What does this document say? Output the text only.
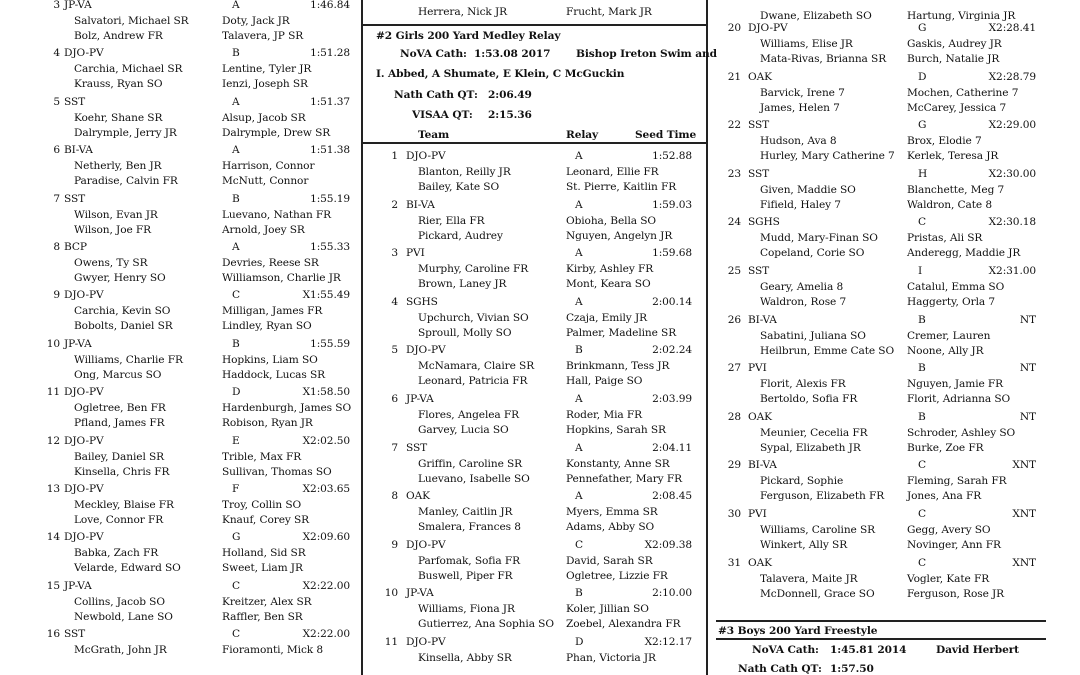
3 JP-VA	A	1:46.84
Salvatori, Michael SR	Doty, Jack JR
Bolz, Andrew FR	Talavera, JP SR
4 DJO-PV	B	1:51.28
Carchia, Michael SR	Lentine, Tyler JR
Krauss, Ryan SO	Ienzi, Joseph SR
5 SST	A	1:51.37
Koehr, Shane SR	Alsup, Jacob SR
Dalrymple, Jerry JR	Dalrymple, Drew SR
6 BI-VA	A	1:51.38
Netherly, Ben JR	Harrison, Connor
Paradise, Calvin FR	McNutt, Connor
7 SST	B	1:55.19
Wilson, Evan JR	Luevano, Nathan FR
Wilson, Joe FR	Arnold, Joey SR
8 BCP	A	1:55.33
Owens, Ty SR	Devries, Reese SR
Gwyer, Henry SO	Williamson, Charlie JR
9 DJO-PV	C	X1:55.49
Carchia, Kevin SO	Milligan, James FR
Bobolts, Daniel SR	Lindley, Ryan SO
10 JP-VA	B	1:55.59
Williams, Charlie FR	Hopkins, Liam SO
Ong, Marcus SO	Haddock, Lucas SR
11 DJO-PV	D	X1:58.50
Ogletree, Ben FR	Hardenburgh, James SO
Pfland, James FR	Robison, Ryan JR
12 DJO-PV	E	X2:02.50
Bailey, Daniel SR	Trible, Max FR
Kinsella, Chris FR	Sullivan, Thomas SO
13 DJO-PV	F	X2:03.65
Meckley, Blaise FR	Troy, Collin SO
Love, Connor FR	Knauf, Corey SR
14 DJO-PV	G	X2:09.60
Babka, Zach FR	Holland, Sid SR
Velarde, Edward SO	Sweet, Liam JR
15 JP-VA	C	X2:22.00
Collins, Jacob SO	Kreitzer, Alex SR
Newbold, Lane SO	Raffler, Ben SR
16 SST	C	X2:22.00
McGrath, John JR	Fioramonti, Mick 8
1 DJO-PV	A	1:52.88
Blanton, Reilly JR	Leonard, Ellie FR
Bailey, Kate SO	St. Pierre, Kaitlin FR
2 BI-VA	A	1:59.03
Rier, Ella FR	Obioha, Bella SO
Pickard, Audrey	Nguyen, Angelyn JR
3 PVI	A	1:59.68
Murphy, Caroline FR	Kirby, Ashley FR
Brown, Laney JR	Mont, Keara SO
4 SGHS	A	2:00.14
Upchurch, Vivian SO	Czaja, Emily JR
Sproull, Molly SO	Palmer, Madeline SR
5 DJO-PV	B	2:02.24
McNamara, Claire SR	Brinkmann, Tess JR
Leonard, Patricia FR	Hall, Paige SO
6 JP-VA	A	2:03.99
Flores, Angelea FR	Roder, Mia FR
Garvey, Lucia SO	Hopkins, Sarah SR
7 SST	A	2:04.11
Griffin, Caroline SR	Konstanty, Anne SR
Luevano, Isabelle SO	Pennefather, Mary FR
8 OAK	A	2:08.45
Manley, Caitlin JR	Myers, Emma SR
Smalera, Frances 8	Adams, Abby SO
9 DJO-PV	C	X2:09.38
Parfomak, Sofia FR	David, Sarah SR
Buswell, Piper FR	Ogletree, Lizzie FR
10 JP-VA	B	2:10.00
Williams, Fiona JR	Koler, Jillian SO
Gutierrez, Ana Sophia SO Zoebel, Alexandra FR
11 DJO-PV	D	X2:12.17
Kinsella, Abby SR	Phan, Victoria JR
20 DJO-PV	G	X2:28.41
Williams, Elise JR	Gaskis, Audrey JR
Mata-Rivas, Brianna SR Burch, Natalie JR
21 OAK	D	X2:28.79
Barvick, Irene 7	Mochen, Catherine 7
James, Helen 7	McCarey, Jessica 7
22 SST	G	X2:29.00
Hudson, Ava 8	Brox, Elodie 7
Hurley, Mary Catherine 7 Kerlek, Teresa JR
23 SST	H	X2:30.00
Given, Maddie SO	Blanchette, Meg 7
Fifield, Haley 7	Waldron, Cate 8
24 SGHS	C	X2:30.18
Mudd, Mary-Finan SO	Pristas, Ali SR
Copeland, Corie SO	Anderegg, Maddie JR
25 SST	I	X2:31.00
Geary, Amelia 8	Catalul, Emma SO
Waldron, Rose 7	Haggerty, Orla 7
26 BI-VA	B	NT
Sabatini, Juliana SO	Cremer, Lauren
Heilbrun, Emme Cate SO Noone, Ally JR
27 PVI	B	NT
Florit, Alexis FR	Nguyen, Jamie FR
Bertoldo, Sofia FR	Florit, Adrianna SO
28 OAK	B	NT
Meunier, Cecelia FR	Schroder, Ashley SO
Sypal, Elizabeth JR	Burke, Zoe FR
29 BI-VA	C	XNT
Pickard, Sophie	Fleming, Sarah FR
Ferguson, Elizabeth FR Jones, Ana FR
30 PVI	C	XNT
Williams, Caroline SR	Gegg, Avery SO
Winkert, Ally SR	Novinger, Ann FR
31 OAK	C	XNT
Talavera, Maite JR	Vogler, Kate FR
McDonnell, Grace SO	Ferguson, Rose JR
Herrera, Nick JR	Frucht, Mark JR
#2 Girls 200 Yard Medley Relay
NoVA Cath: 1:53.08 2017 Bishop Ireton Swim and
I. Abbed, A Shumate, E Klein, C McGuckin
Nath Cath QT: 2:06.49
VISAA QT: 2:15.36
Team	Relay	Seed Time
Dwane, Elizabeth SO	Hartung, Virginia JR
#3 Boys 200 Yard Freestyle
NoVA Cath: 1:45.81 2014	David Herbert
Nath Cath QT: 1:57.50
